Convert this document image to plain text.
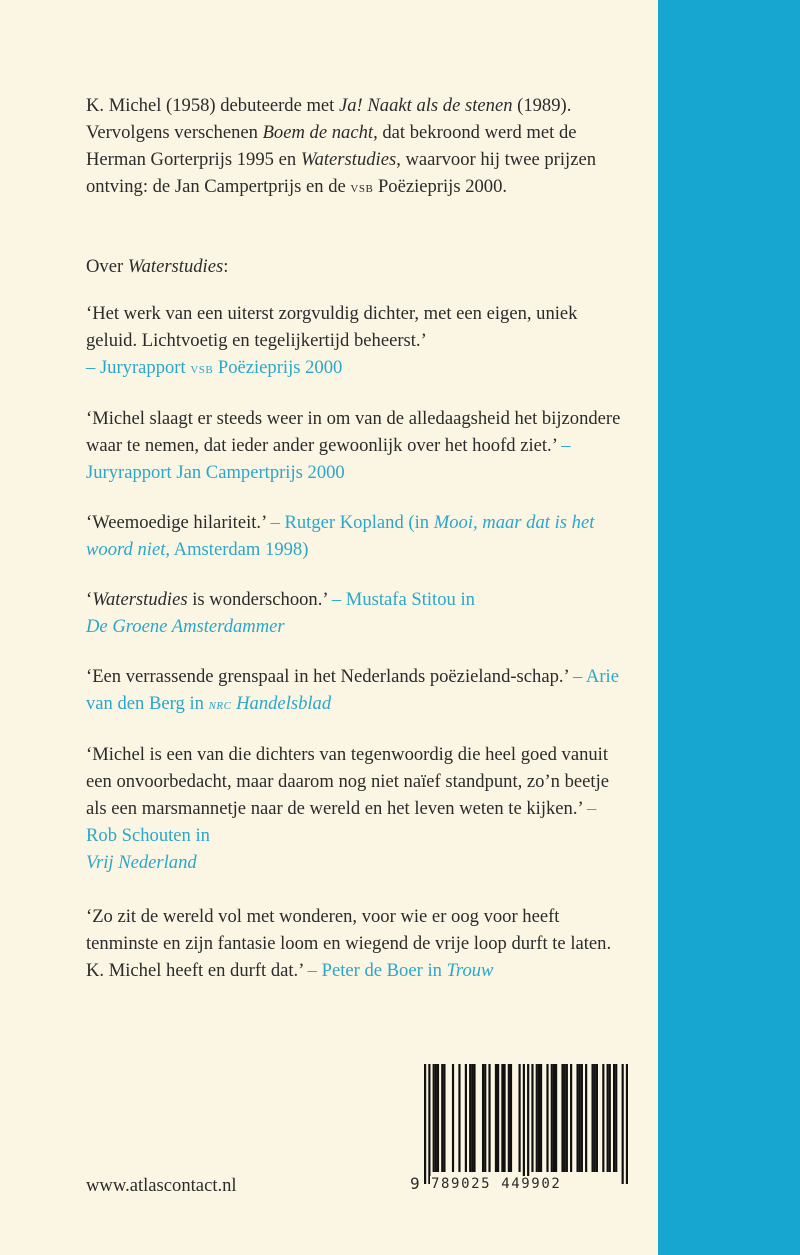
K. Michel (1958) debuteerde met Ja! Naakt als de stenen (1989). Vervolgens verschenen Boem de nacht, dat bekroond werd met de Herman Gorterprijs 1995 en Waterstudies, waarvoor hij twee prijzen ontving: de Jan Campertprijs en de vsb Poëzieprijs 2000.

Over Waterstudies:

‘Het werk van een uiterst zorgvuldig dichter, met een eigen, uniek geluid. Lichtvoetig en tegelijkertijd beheerst.’
– Juryrapport vsb Poëzieprijs 2000

‘Michel slaagt er steeds weer in om van de alledaagsheid het bijzondere waar te nemen, dat ieder ander gewoonlijk over het hoofd ziet.’ – Juryrapport Jan Campertprijs 2000

‘Weemoedige hilariteit.’ – Rutger Kopland (in Mooi, maar dat is het woord niet, Amsterdam 1998)

‘Waterstudies is wonderschoon.’ – Mustafa Stitou in
De Groene Amsterdammer

‘Een verrassende grenspaal in het Nederlands poëzieland-schap.’ – Arie van den Berg in nrc Handelsblad

‘Michel is een van die dichters van tegenwoordig die heel goed vanuit een onvoorbedacht, maar daarom nog niet naïef standpunt, zo’n beetje als een marsmannetje naar de wereld en het leven weten te kijken.’ – Rob Schouten in
Vrij Nederland

‘Zo zit de wereld vol met wonderen, voor wie er oog voor heeft tenminste en zijn fantasie loom en wiegend de vrije loop durft te laten. K. Michel heeft en durft dat.’ – Peter de Boer in Trouw

www.atlascontact.nl	9 789025 449902
